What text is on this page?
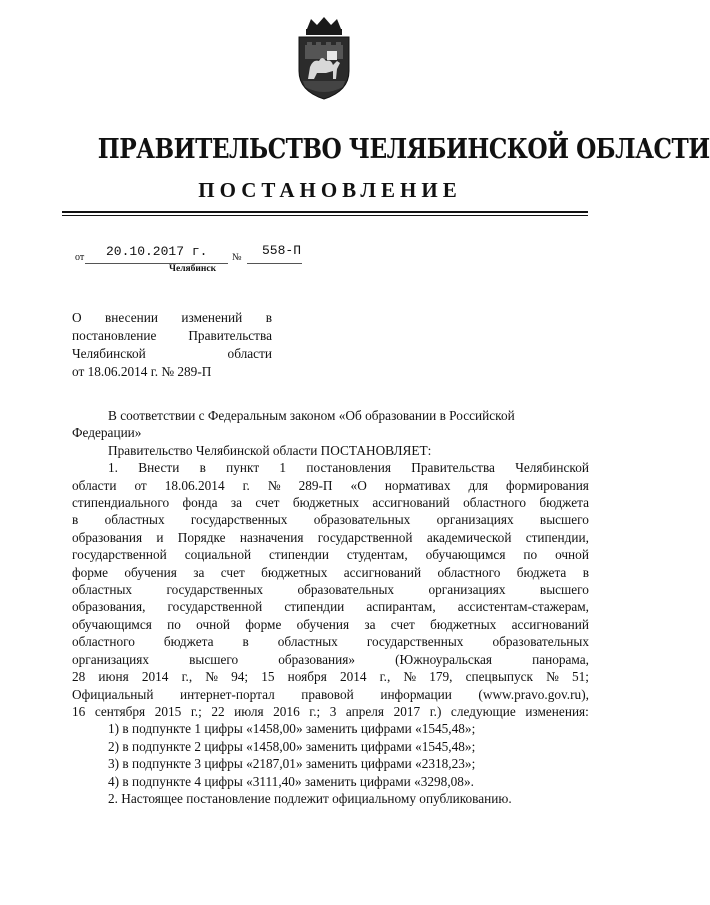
ПРАВИТЕЛЬСТВО ЧЕЛЯБИНСКОЙ ОБЛАСТИ
ПОСТАНОВЛЕНИЕ
от 20.10.2017 г. № 558-П
Челябинск
О внесении изменений в
постановление Правительства
Челябинской	области
от 18.06.2014 г. № 289-П
В соответствии с Федеральным законом «Об образовании в Российской
Федерации»
Правительство Челябинской области ПОСТАНОВЛЯЕТ:
1. Внести в пункт 1 постановления Правительства Челябинской
области от 18.06.2014 г. № 289-П «О нормативах для формирования
стипендиального фонда за счет бюджетных ассигнований областного бюджета
в областных государственных образовательных организациях высшего
образования и Порядке назначения государственной академической стипендии,
государственной социальной стипендии студентам, обучающимся по очной
форме обучения за счет бюджетных ассигнований областного бюджета в
областных	государственных	образовательных	организациях	высшего
образования, государственной стипендии аспирантам, ассистентам-стажерам,
обучающимся по очной форме обучения за счет бюджетных ассигнований
областного бюджета в областных государственных образовательных
организациях	высшего	образования»	(Южноуральская	панорама,
28 июня 2014 г., № 94; 15 ноября 2014 г., № 179, спецвыпуск № 51;
Официальный интернет-портал правовой информации (www.pravo.gov.ru),
16 сентября 2015 г.; 22 июля 2016 г.; 3 апреля 2017 г.) следующие изменения:
1) в подпункте 1 цифры «1458,00» заменить цифрами «1545,48»;
2) в подпункте 2 цифры «1458,00» заменить цифрами «1545,48»;
3) в подпункте 3 цифры «2187,01» заменить цифрами «2318,23»;
4) в подпункте 4 цифры «3111,40» заменить цифрами «3298,08».
2. Настоящее постановление подлежит официальному опубликованию.
